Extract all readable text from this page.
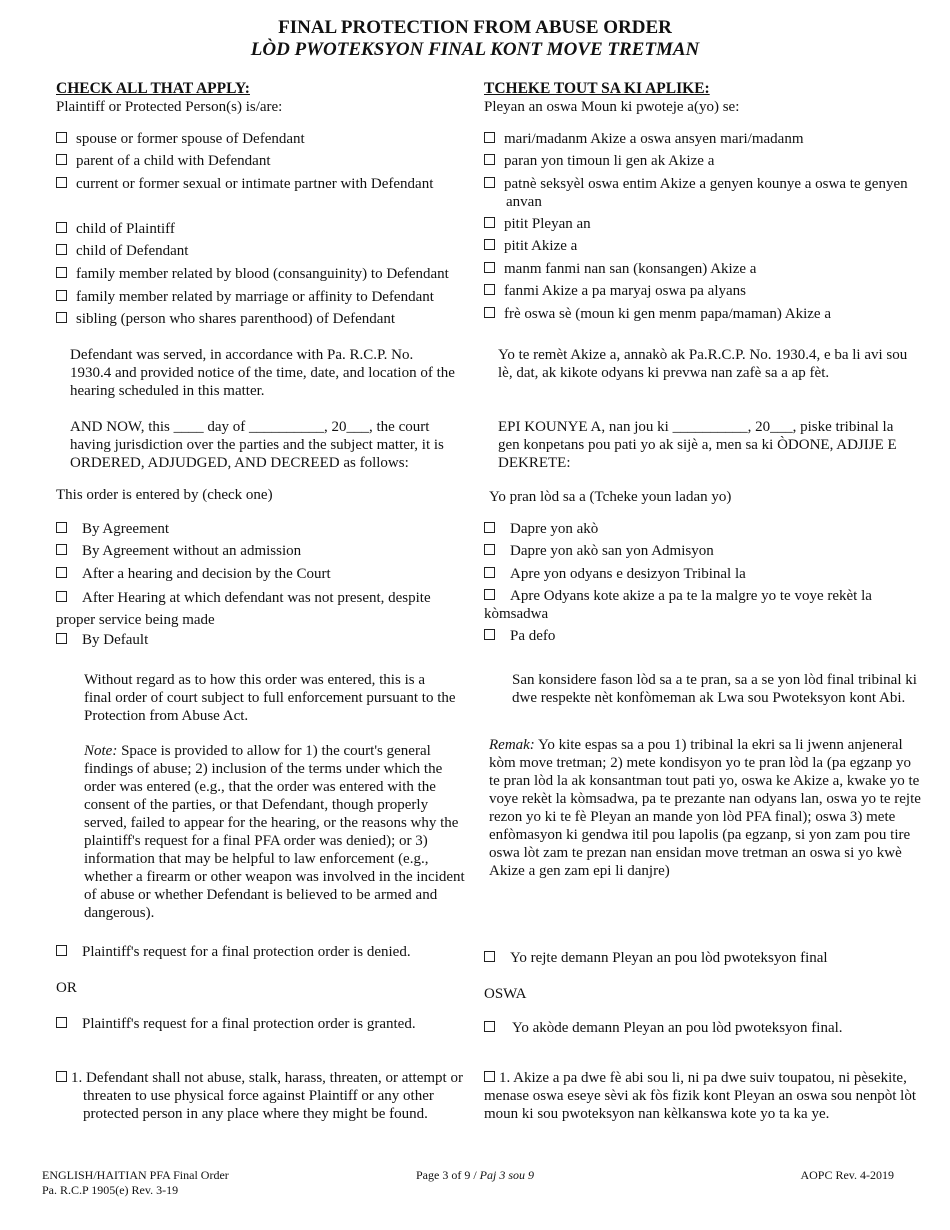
FINAL PROTECTION FROM ABUSE ORDER
LÒD PWOTEKSYON FINAL KONT MOVE TRETMAN
CHECK ALL THAT APPLY:
Plaintiff or Protected Person(s) is/are:
spouse or former spouse of Defendant
parent of a child with Defendant
current or former sexual or intimate partner with Defendant
child of Plaintiff
child of Defendant
family member related by blood (consanguinity) to Defendant
family member related by marriage or affinity to Defendant
sibling (person who shares parenthood) of Defendant
Defendant was served, in accordance with Pa. R.C.P. No. 1930.4 and provided notice of the time, date, and location of the hearing scheduled in this matter.
AND NOW, this ____ day of __________, 20___, the court having jurisdiction over the parties and the subject matter, it is ORDERED, ADJUDGED, AND DECREED as follows:
This order is entered by (check one)
By Agreement
By Agreement without an admission
After a hearing and decision by the Court
After Hearing at which defendant was not present, despite proper service being made
By Default
Without regard as to how this order was entered, this is a final order of court subject to full enforcement pursuant to the Protection from Abuse Act.
Note: Space is provided to allow for 1) the court's general findings of abuse; 2) inclusion of the terms under which the order was entered (e.g., that the order was entered with the consent of the parties, or that Defendant, though properly served, failed to appear for the hearing, or the reasons why the plaintiff's request for a final PFA order was denied); or 3) information that may be helpful to law enforcement (e.g., whether a firearm or other weapon was involved in the incident of abuse or whether Defendant is believed to be armed and dangerous).
Plaintiff's request for a final protection order is denied.
OR
Plaintiff's request for a final protection order is granted.
1. Defendant shall not abuse, stalk, harass, threaten, or attempt or threaten to use physical force against Plaintiff or any other protected person in any place where they might be found.
TCHEKE TOUT SA KI APLIKE:
Pleyan an oswa Moun ki pwoteje a(yo) se:
mari/madanm Akize a oswa ansyen mari/madanm
paran yon timoun li gen ak Akize a
patnè seksyèl oswa entim Akize a genyen kounye a oswa te genyen anvan
pitit Pleyan an
pitit Akize a
manm fanmi nan san (konsangen) Akize a
fanmi Akize a pa maryaj oswa pa alyans
frè oswa sè (moun ki gen menm papa/maman) Akize a
Yo te remèt Akize a, annakò ak Pa.R.C.P. No. 1930.4, e ba li avi sou lè, dat, ak kikote odyans ki prevwa nan zafè sa a ap fèt.
EPI KOUNYE A, nan jou ki __________, 20___, piske tribinal la gen konpetans pou pati yo ak sijè a, men sa ki ÒDONE, ADJIJE E DEKRETE:
Yo pran lòd sa a (Tcheke youn ladan yo)
Dapre yon akò
Dapre yon akò san yon Admisyon
Apre yon odyans e desizyon Tribinal la
Apre Odyans kote akize a pa te la malgre yo te voye rekèt la kòmsadwa
Pa defo
San konsidere fason lòd sa a te pran, sa a se yon lòd final tribinal ki dwe respekte nèt konfòmeman ak Lwa sou Pwoteksyon kont Abi.
Remak: Yo kite espas sa a pou 1) tribinal la ekri sa li jwenn anjeneral kòm move tretman; 2) mete kondisyon yo te pran lòd la (pa egzanp yo te pran lòd la ak konsantman tout pati yo, oswa ke Akize a, kwake yo te voye rekèt la kòmsadwa, pa te prezante nan odyans lan, oswa yo te rejte rezon yo ki te fè Pleyan an mande yon lòd PFA final); oswa 3) mete enfòmasyon ki gendwa itil pou lapolis (pa egzanp, si yon zam pou tire oswa lòt zam te prezan nan ensidan move tretman an oswa si yo kwè Akize a gen zam epi li danjre)
Yo rejte demann Pleyan an pou lòd pwoteksyon final
OSWA
Yo akòde demann Pleyan an pou lòd pwoteksyon final.
1. Akize a pa dwe fè abi sou li, ni pa dwe suiv toupatou, ni pèsekite, menase oswa eseye sèvi ak fòs fizik kont Pleyan an oswa sou nenpòt lòt moun ki sou pwoteksyon nan kèlkanswa kote yo ta ka ye.
ENGLISH/HAITIAN PFA Final Order
Pa. R.C.P 1905(e) Rev. 3-19
Page 3 of 9 / Paj 3 sou 9	AOPC Rev. 4-2019
